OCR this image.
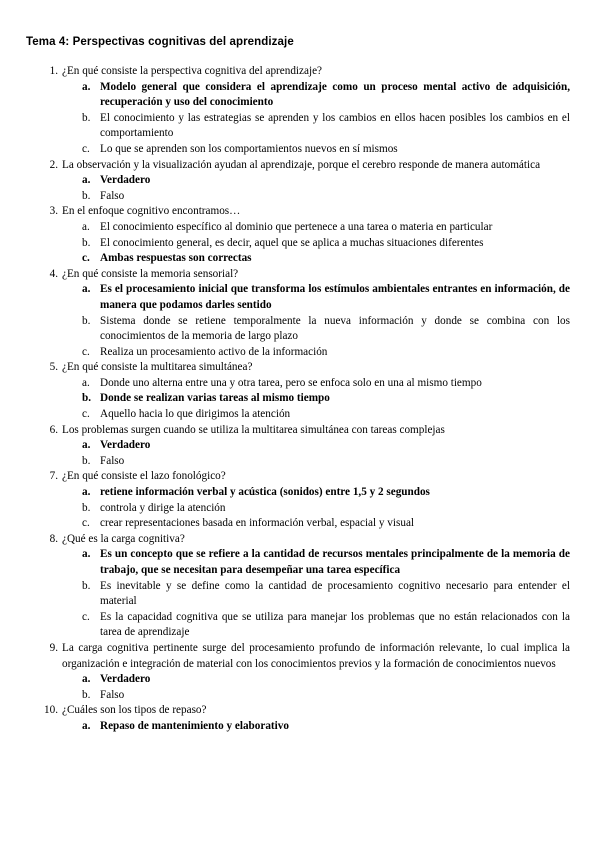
Tema 4: Perspectivas cognitivas del aprendizaje
1. ¿En qué consiste la perspectiva cognitiva del aprendizaje?
a. Modelo general que considera el aprendizaje como un proceso mental activo de adquisición, recuperación y uso del conocimiento
b. El conocimiento y las estrategias se aprenden y los cambios en ellos hacen posibles los cambios en el comportamiento
c. Lo que se aprenden son los comportamientos nuevos en sí mismos
2. La observación y la visualización ayudan al aprendizaje, porque el cerebro responde de manera automática
a. Verdadero
b. Falso
3. En el enfoque cognitivo encontramos…
a. El conocimiento específico al dominio que pertenece a una tarea o materia en particular
b. El conocimiento general, es decir, aquel que se aplica a muchas situaciones diferentes
c. Ambas respuestas son correctas
4. ¿En qué consiste la memoria sensorial?
a. Es el procesamiento inicial que transforma los estímulos ambientales entrantes en información, de manera que podamos darles sentido
b. Sistema donde se retiene temporalmente la nueva información y donde se combina con los conocimientos de la memoria de largo plazo
c. Realiza un procesamiento activo de la información
5. ¿En qué consiste la multitarea simultánea?
a. Donde uno alterna entre una y otra tarea, pero se enfoca solo en una al mismo tiempo
b. Donde se realizan varias tareas al mismo tiempo
c. Aquello hacia lo que dirigimos la atención
6. Los problemas surgen cuando se utiliza la multitarea simultánea con tareas complejas
a. Verdadero
b. Falso
7. ¿En qué consiste el lazo fonológico?
a. retiene información verbal y acústica (sonidos) entre 1,5 y 2 segundos
b. controla y dirige la atención
c. crear representaciones basada en información verbal, espacial y visual
8. ¿Qué es la carga cognitiva?
a. Es un concepto que se refiere a la cantidad de recursos mentales principalmente de la memoria de trabajo, que se necesitan para desempeñar una tarea específica
b. Es inevitable y se define como la cantidad de procesamiento cognitivo necesario para entender el material
c. Es la capacidad cognitiva que se utiliza para manejar los problemas que no están relacionados con la tarea de aprendizaje
9. La carga cognitiva pertinente surge del procesamiento profundo de información relevante, lo cual implica la organización e integración de material con los conocimientos previos y la formación de conocimientos nuevos
a. Verdadero
b. Falso
10. ¿Cuáles son los tipos de repaso?
a. Repaso de mantenimiento y elaborativo
